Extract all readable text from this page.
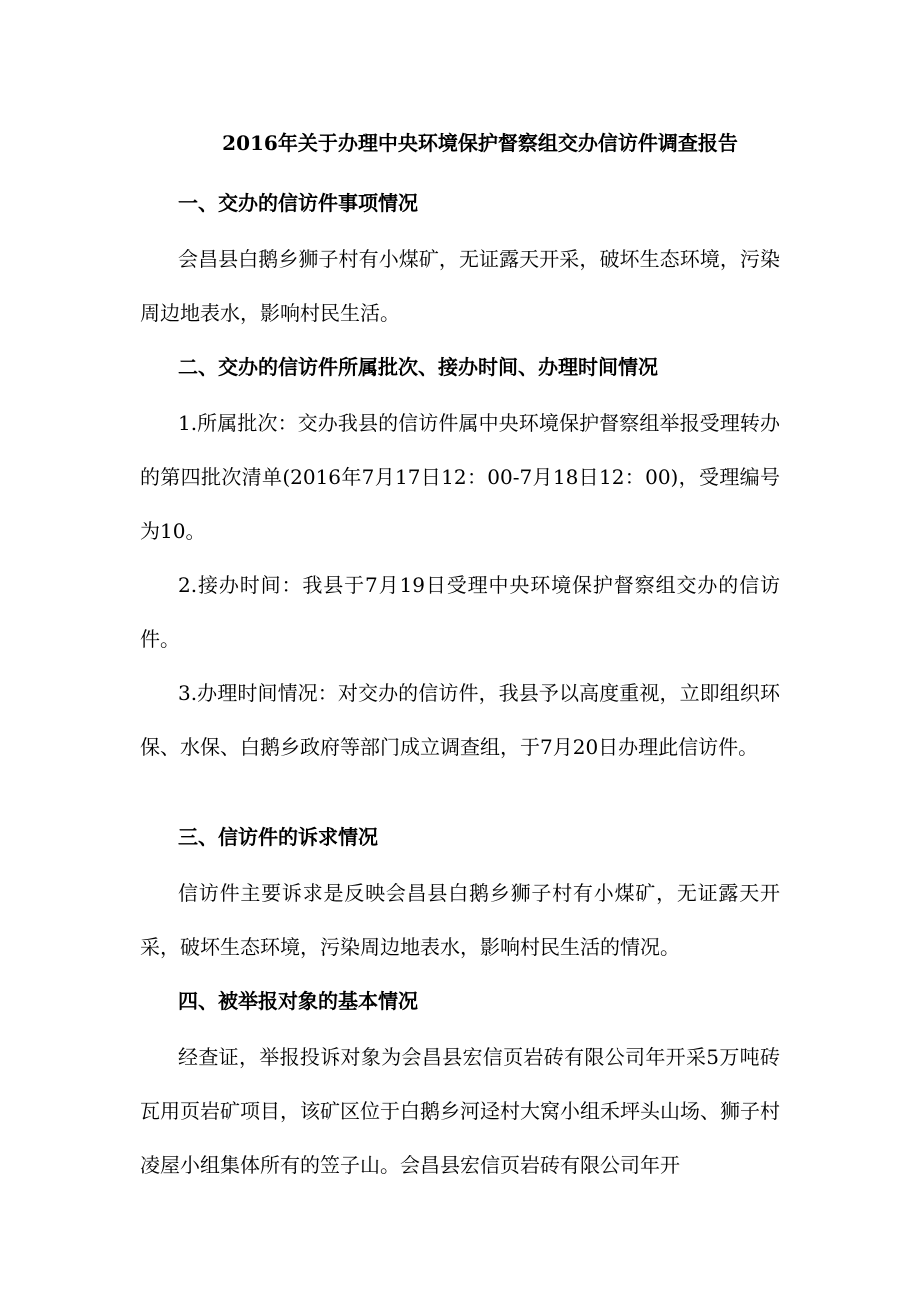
2016年关于办理中央环境保护督察组交办信访件调查报告
一、交办的信访件事项情况

会昌县白鹅乡狮子村有小煤矿，无证露天开采，破坏生态环境，污染周边地表水，影响村民生活。

二、交办的信访件所属批次、接办时间、办理时间情况

1.所属批次：交办我县的信访件属中央环境保护督察组举报受理转办的第四批次清单(2016年7月17日12：00-7月18日12：00)，受理编号为10。

2.接办时间：我县于7月19日受理中央环境保护督察组交办的信访件。

3.办理时间情况：对交办的信访件，我县予以高度重视，立即组织环保、水保、白鹅乡政府等部门成立调查组，于7月20日办理此信访件。

三、信访件的诉求情况

信访件主要诉求是反映会昌县白鹅乡狮子村有小煤矿，无证露天开采，破坏生态环境，污染周边地表水，影响村民生活的情况。

四、被举报对象的基本情况

经查证，举报投诉对象为会昌县宏信页岩砖有限公司年开采5万吨砖瓦用页岩矿项目，该矿区位于白鹅乡河迳村大窝小组禾坪头山场、狮子村凌屋小组集体所有的笠子山。会昌县宏信页岩砖有限公司年开
